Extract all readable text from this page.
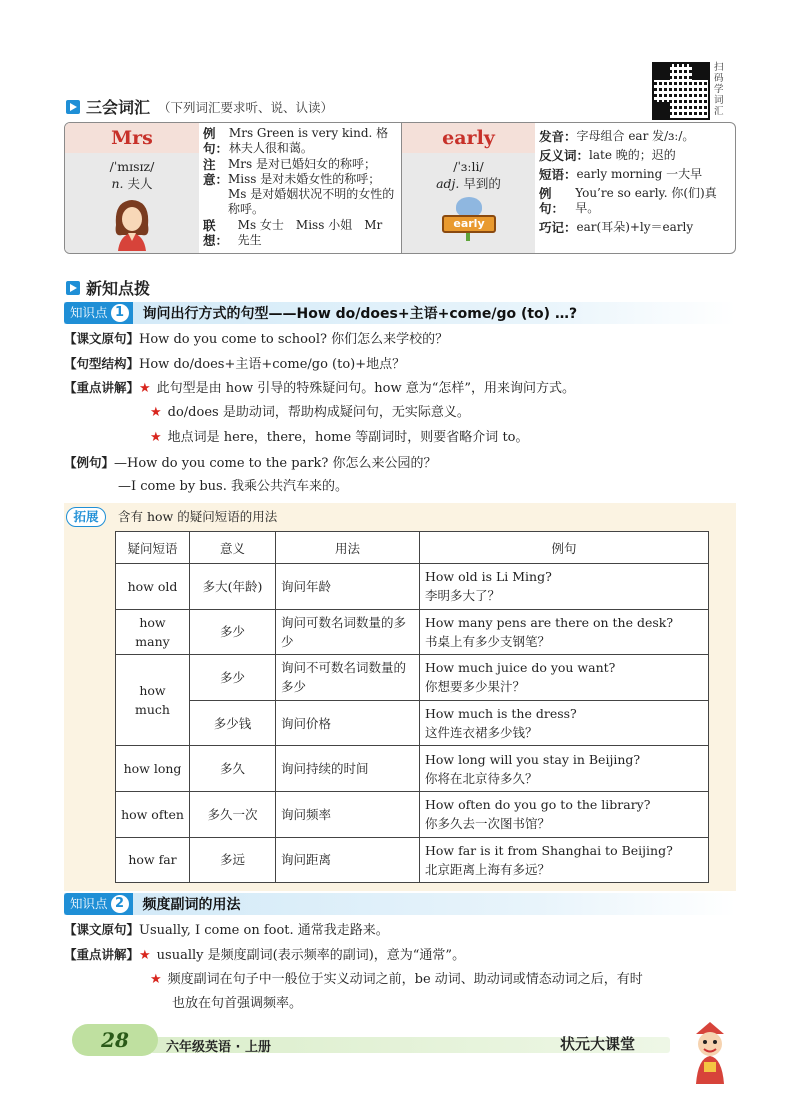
扫码学词汇
三会词汇 （下列词汇要求听、说、认读）
Mrs
/ˈmɪsɪz/
n. 夫人
例句：
Mrs Green is very kind. 格林夫人很和蔼。
注意：
Mrs 是对已婚妇女的称呼；Miss 是对未婚女性的称呼；Ms 是对婚姻状况不明的女性的称呼。
联想：
Ms 女士　Miss 小姐　Mr 先生
early
/ˈɜːli/
adj. 早到的
early
发音： 字母组合 ear 发/ɜː/。
反义词： late 晚的；迟的
短语： early morning 一大早
例句：
You’re so early. 你(们)真早。
巧记： ear(耳朵)+ly＝early
新知点拨
知识点 1	询问出行方式的句型——How do/does+主语+come/go (to) …?
【课文原句】How do you come to school? 你们怎么来学校的？
【句型结构】How do/does+主语+come/go (to)+地点？
【重点讲解】★ 此句型是由 how 引导的特殊疑问句。how 意为“怎样”，用来询问方式。
★ do/does 是助动词，帮助构成疑问句，无实际意义。
★ 地点词是 here，there，home 等副词时，则要省略介词 to。
【例句】—How do you come to the park? 你怎么来公园的？
—I come by bus. 我乘公共汽车来的。
拓展	含有 how 的疑问短语的用法
疑问短语	意义	用法	例句
how old	多大(年龄)	询问年龄	How old is Li Ming?
李明多大了？

how many	多少	询问可数名词数量的多少	How many pens are there on the desk?
书桌上有多少支钢笔？

how much	多少	询问不可数名词数量的多少	How much juice do you want?
你想要多少果汁？

	多少钱	询问价格	How much is the dress?
这件连衣裙多少钱？

how long	多久	询问持续的时间	How long will you stay in Beijing?
你将在北京待多久？

how often	多久一次	询问频率	How often do you go to the library?
你多久去一次图书馆？

how far	多远	询问距离	How far is it from Shanghai to Beijing?
北京距离上海有多远？
知识点 2	频度副词的用法
【课文原句】Usually, I come on foot. 通常我走路来。
【重点讲解】★ usually 是频度副词(表示频率的副词)，意为“通常”。
★ 频度副词在句子中一般位于实义动词之前，be 动词、助动词或情态动词之后，有时
也放在句首强调频率。
28	六年级英语 · 上册	状元大课堂
